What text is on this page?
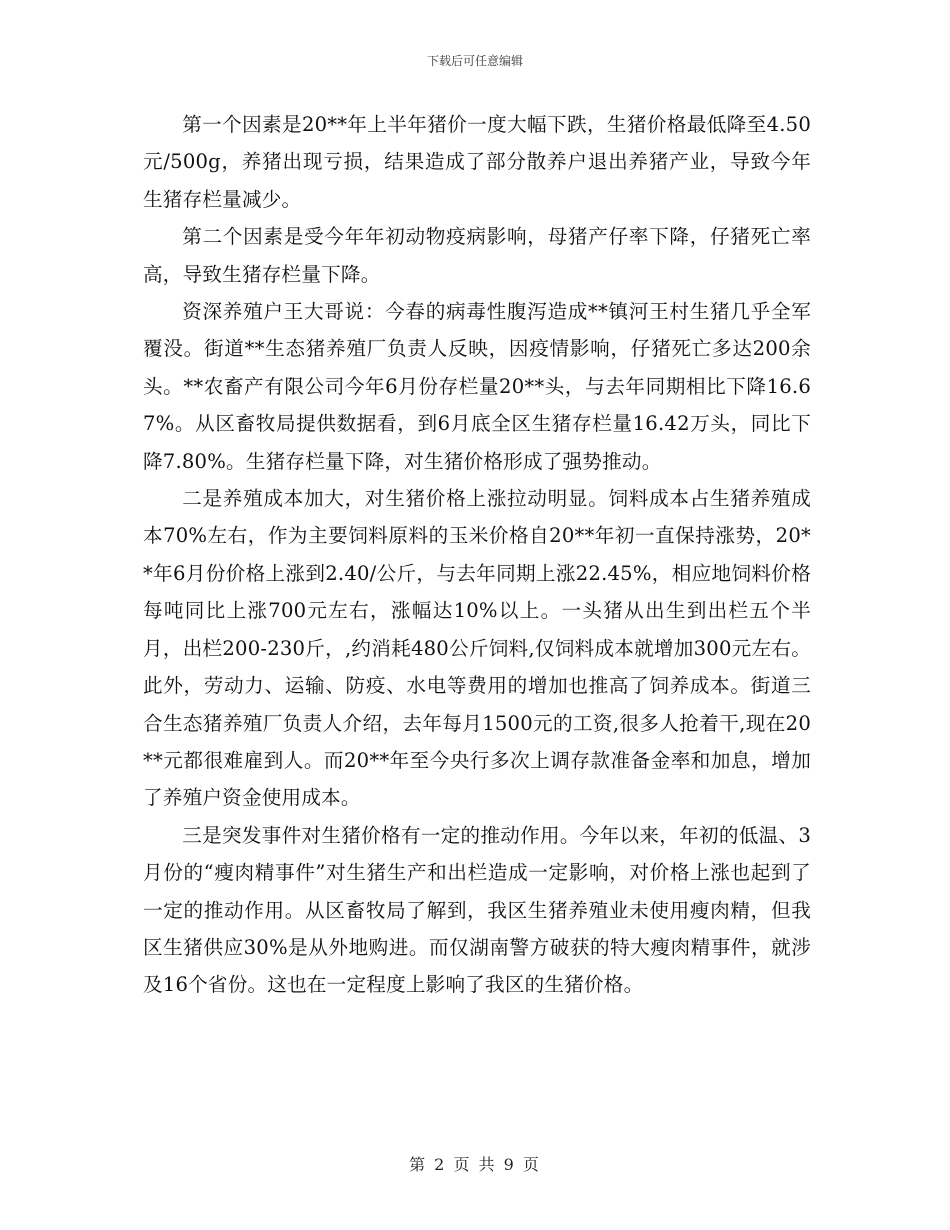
下载后可任意编辑

第一个因素是20**年上半年猪价一度大幅下跌，生猪价格最低降至4.50元/500g，养猪出现亏损，结果造成了部分散养户退出养猪产业，导致今年生猪存栏量减少。

第二个因素是受今年年初动物疫病影响，母猪产仔率下降，仔猪死亡率高，导致生猪存栏量下降。

资深养殖户王大哥说：今春的病毒性腹泻造成**镇河王村生猪几乎全军覆没。街道**生态猪养殖厂负责人反映，因疫情影响，仔猪死亡多达200余头。**农畜产有限公司今年6月份存栏量20**头，与去年同期相比下降16.67%。从区畜牧局提供数据看，到6月底全区生猪存栏量16.42万头，同比下降7.80%。生猪存栏量下降，对生猪价格形成了强势推动。

二是养殖成本加大，对生猪价格上涨拉动明显。饲料成本占生猪养殖成本70%左右，作为主要饲料原料的玉米价格自20**年初一直保持涨势，20**年6月份价格上涨到2.40/公斤，与去年同期上涨22.45%，相应地饲料价格每吨同比上涨700元左右，涨幅达10%以上。一头猪从出生到出栏五个半月，出栏200-230斤，,约消耗480公斤饲料,仅饲料成本就增加300元左右。此外，劳动力、运输、防疫、水电等费用的增加也推高了饲养成本。街道三合生态猪养殖厂负责人介绍，去年每月1500元的工资,很多人抢着干,现在20**元都很难雇到人。而20**年至今央行多次上调存款准备金率和加息，增加了养殖户资金使用成本。

三是突发事件对生猪价格有一定的推动作用。今年以来，年初的低温、3月份的“瘦肉精事件”对生猪生产和出栏造成一定影响，对价格上涨也起到了一定的推动作用。从区畜牧局了解到，我区生猪养殖业未使用瘦肉精，但我区生猪供应30%是从外地购进。而仅湖南警方破获的特大瘦肉精事件，就涉及16个省份。这也在一定程度上影响了我区的生猪价格。

第 2 页 共 9 页
